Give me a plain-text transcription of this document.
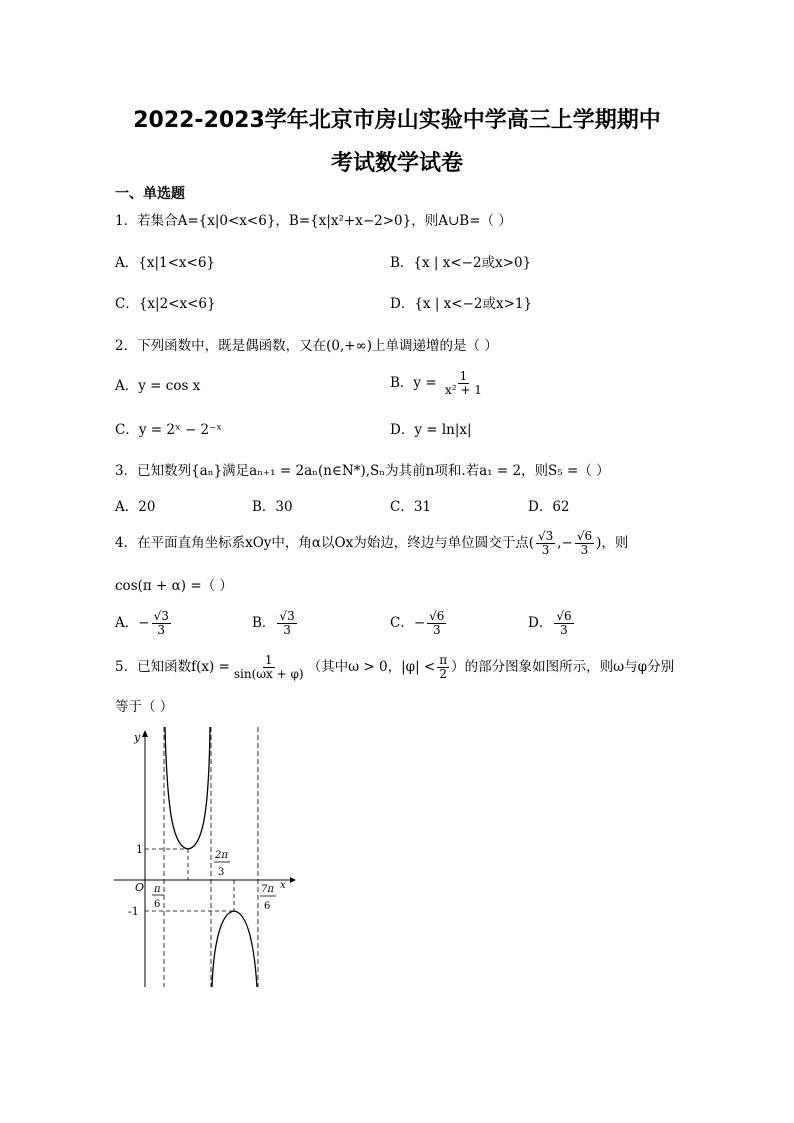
2022-2023学年北京市房山实验中学高三上学期期中
考试数学试卷
一、单选题
1．若集合A={x|0<x<6}，B={x|x²+x−2>0}，则A∪B=（ ）
A．{x|1<x<6}	B．{x | x<−2或x>0}
C．{x|2<x<6}	D．{x | x<−2或x>1}
2．下列函数中，既是偶函数，又在(0,+∞)上单调递增的是（ ）
A．y = cos x	B．$y = \frac{1}{\text{x² + 1}}$
C．y = 2ˣ − 2⁻ˣ	D．y = ln|x|
3．已知数列{aₙ}满足aₙ₊₁ = 2aₙ(n∈N*),Sₙ为其前n项和.若a₁ = 2，则S₅ =（ ）
A．20	B．30	C．31	D．62
4．在平面直角坐标系xOy中，角α以Ox为始边，终边与单位圆交于点( $\frac{√3}{3}$ ,− $\frac{√6}{3}$ )，则
cos(π + α) =（ ）
A．− $\frac{√3}{3}$	B． $\frac{√3}{3}$	C．− $\frac{√6}{3}$	D． $\frac{√6}{3}$
5．已知函数$f(x) = \frac{1}{\sin(\omega x + \varphi)}$ （其中ω > 0，$|\varphi| < \frac{\pi}{2}$ ）的部分图象如图所示，则ω与φ分别
等于（ ）
y
x
O
1
-1
π
6
2π
3
7π
6
